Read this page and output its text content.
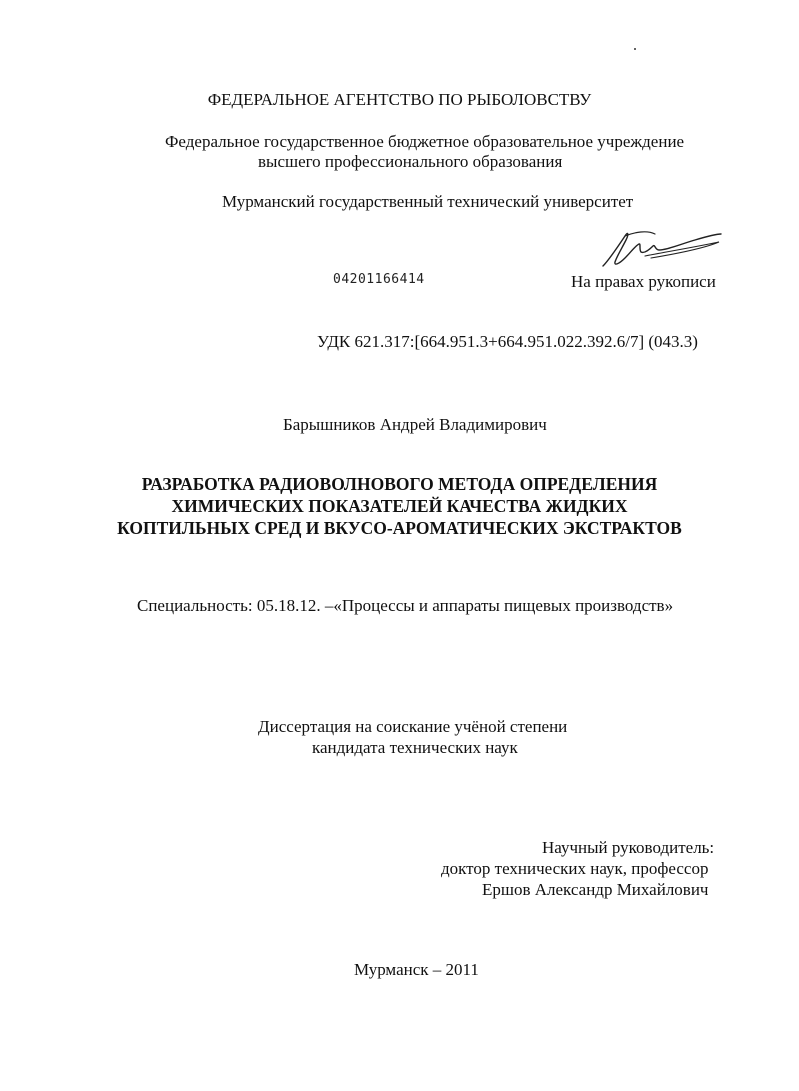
ФЕДЕРАЛЬНОЕ АГЕНТСТВО ПО РЫБОЛОВСТВУ
Федеральное государственное бюджетное образовательное учреждение
высшего профессионального образования
Мурманский государственный технический университет
04201166414	На правах рукописи
УДК 621.317:[664.951.3+664.951.022.392.6/7] (043.3)
Барышников Андрей Владимирович
РАЗРАБОТКА РАДИОВОЛНОВОГО МЕТОДА ОПРЕДЕЛЕНИЯ
ХИМИЧЕСКИХ ПОКАЗАТЕЛЕЙ КАЧЕСТВА ЖИДКИХ
КОПТИЛЬНЫХ СРЕД И ВКУСО-АРОМАТИЧЕСКИХ ЭКСТРАКТОВ
Специальность: 05.18.12. –«Процессы и аппараты пищевых производств»
Диссертация на соискание учёной степени
кандидата технических наук
Научный руководитель:
доктор технических наук, профессор
Ершов Александр Михайлович
Мурманск – 2011
